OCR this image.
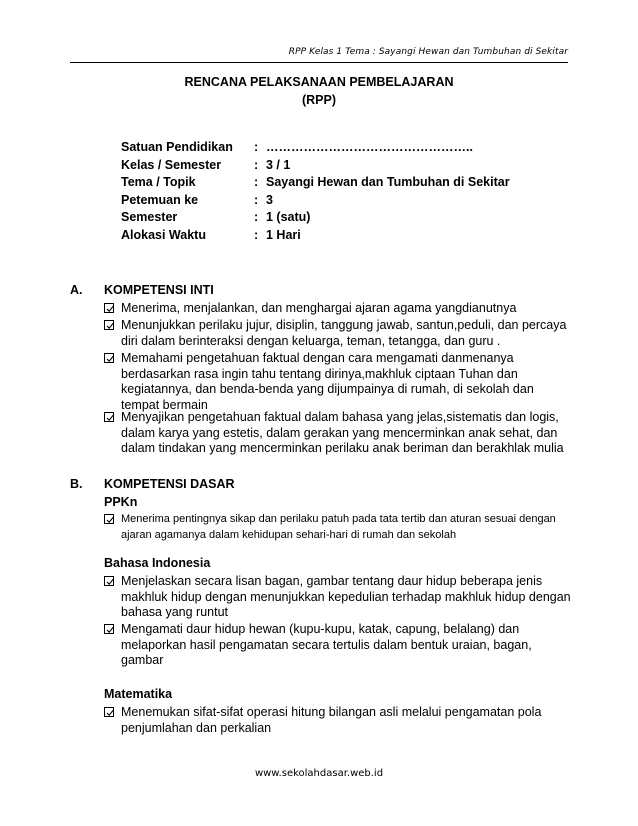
RPP Kelas 1 Tema : Sayangi Hewan dan Tumbuhan di Sekitar
RENCANA PELAKSANAAN PEMBELAJARAN
(RPP)
Satuan Pendidikan : …………………………………………..
Kelas / Semester	: 3 / 1
Tema / Topik	: Sayangi Hewan dan Tumbuhan di Sekitar
Petemuan ke	: 3
Semester	: 1 (satu)
Alokasi Waktu	: 1 Hari
A. KOMPETENSI INTI
Menerima, menjalankan, dan menghargai ajaran agama yangdianutnya
Menunjukkan perilaku jujur, disiplin, tanggung jawab, santun,peduli, dan percaya diri dalam berinteraksi dengan keluarga, teman, tetangga, dan guru .
Memahami pengetahuan faktual dengan cara mengamati danmenanya berdasarkan rasa ingin tahu tentang dirinya,makhluk ciptaan Tuhan dan kegiatannya, dan benda-benda yang dijumpainya di rumah, di sekolah dan tempat bermain
Menyajikan pengetahuan faktual dalam bahasa yang jelas,sistematis dan logis, dalam karya yang estetis, dalam gerakan yang mencerminkan anak sehat, dan dalam tindakan yang mencerminkan perilaku anak beriman dan berakhlak mulia
B. KOMPETENSI DASAR
PPKn
Menerima pentingnya sikap dan perilaku patuh pada tata tertib dan aturan sesuai dengan ajaran agamanya dalam kehidupan sehari-hari di rumah dan sekolah
Bahasa Indonesia
Menjelaskan secara lisan bagan, gambar tentang daur hidup beberapa jenis makhluk hidup dengan menunjukkan kepedulian terhadap makhluk hidup dengan bahasa yang runtut
Mengamati daur hidup hewan (kupu-kupu, katak, capung, belalang) dan melaporkan hasil pengamatan secara tertulis dalam bentuk uraian, bagan, gambar
Matematika
Menemukan sifat-sifat operasi hitung bilangan asli melalui pengamatan pola penjumlahan dan perkalian
www.sekolahdasar.web.id
